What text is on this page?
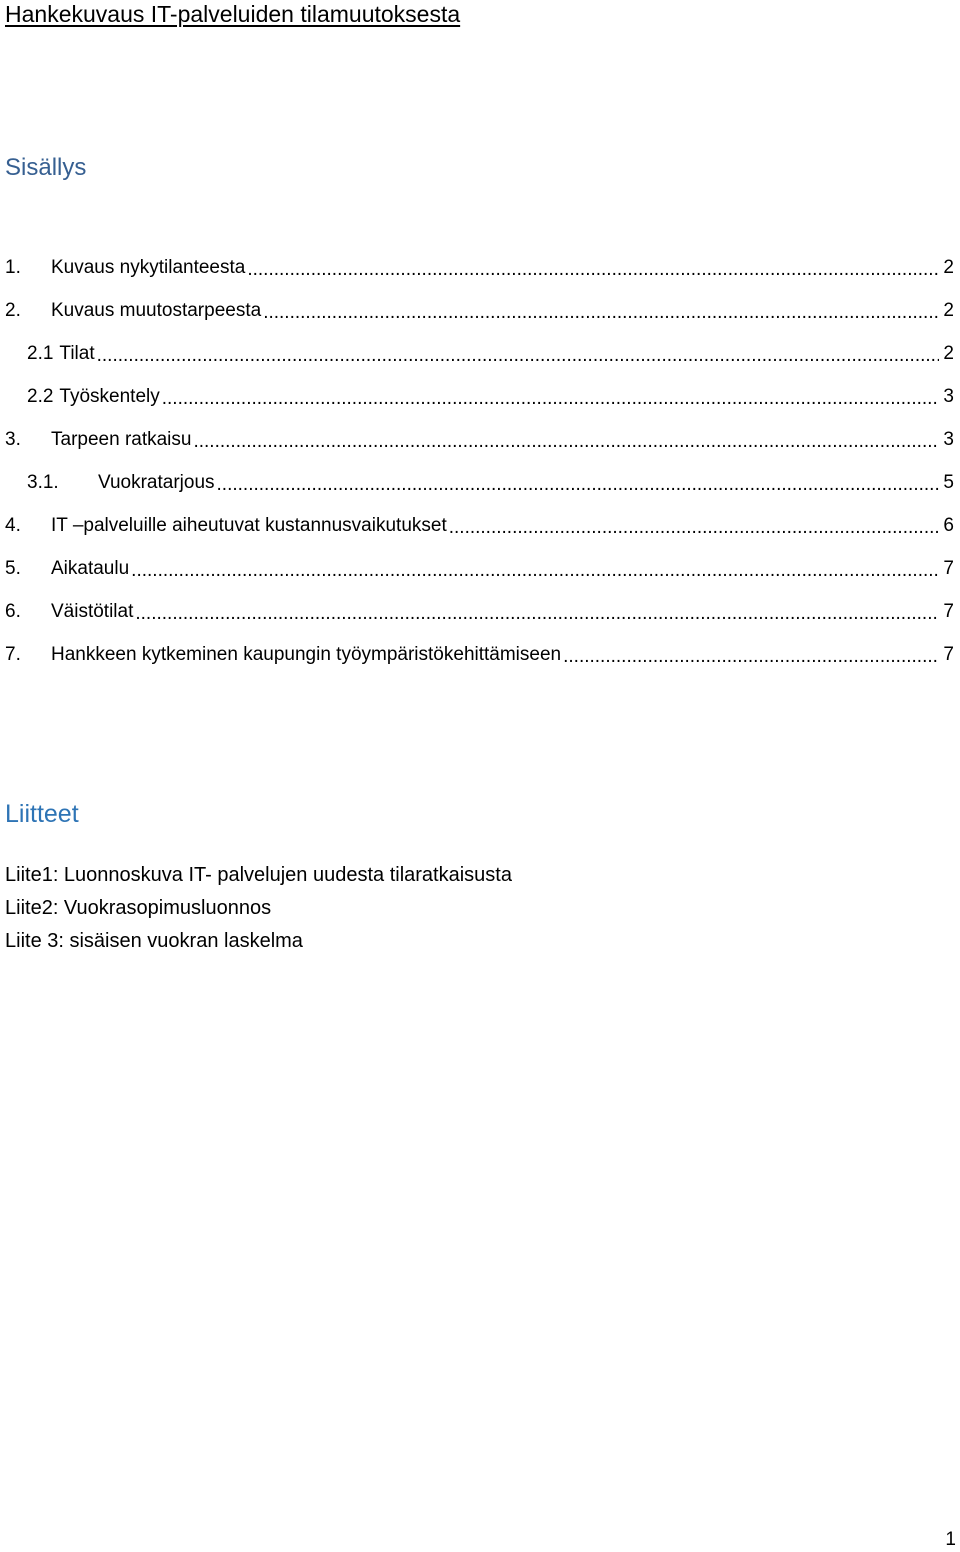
Hankekuvaus IT-palveluiden tilamuutoksesta
Sisällys
1.	Kuvaus nykytilanteesta .....	2
2.	Kuvaus muutostarpeesta .....	2
2.1 Tilat .....	2
2.2 Työskentely .....	3
3.	Tarpeen ratkaisu .....	3
3.1.	Vuokratarjous .....	5
4.	IT –palveluille aiheutuvat kustannusvaikutukset .....	6
5.	Aikataulu .....	7
6.	Väistötilat .....	7
7.	Hankkeen kytkeminen kaupungin työympäristökehittämiseen .....	7
Liitteet
Liite1: Luonnoskuva IT- palvelujen uudesta tilaratkaisusta
Liite2: Vuokrasopimusluonnos
Liite 3: sisäisen vuokran laskelma
1
